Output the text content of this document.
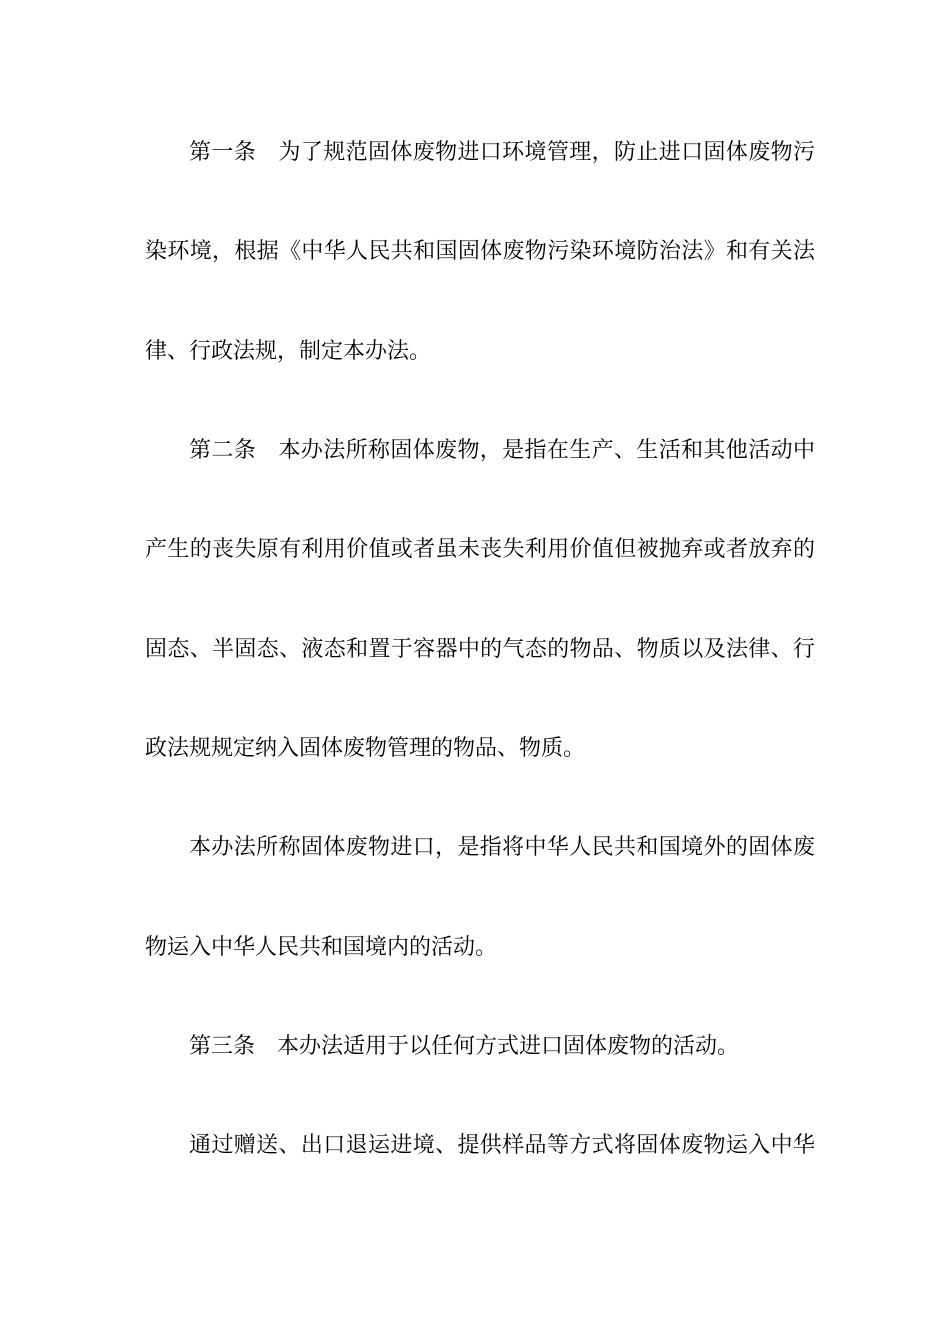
第一条　为了规范固体废物进口环境管理，防止进口固体废物污

染环境，根据《中华人民共和国固体废物污染环境防治法》和有关法

律、行政法规，制定本办法。

第二条　本办法所称固体废物，是指在生产、生活和其他活动中

产生的丧失原有利用价值或者虽未丧失利用价值但被抛弃或者放弃的

固态、半固态、液态和置于容器中的气态的物品、物质以及法律、行

政法规规定纳入固体废物管理的物品、物质。

本办法所称固体废物进口，是指将中华人民共和国境外的固体废

物运入中华人民共和国境内的活动。

第三条　本办法适用于以任何方式进口固体废物的活动。

通过赠送、出口退运进境、提供样品等方式将固体废物运入中华
